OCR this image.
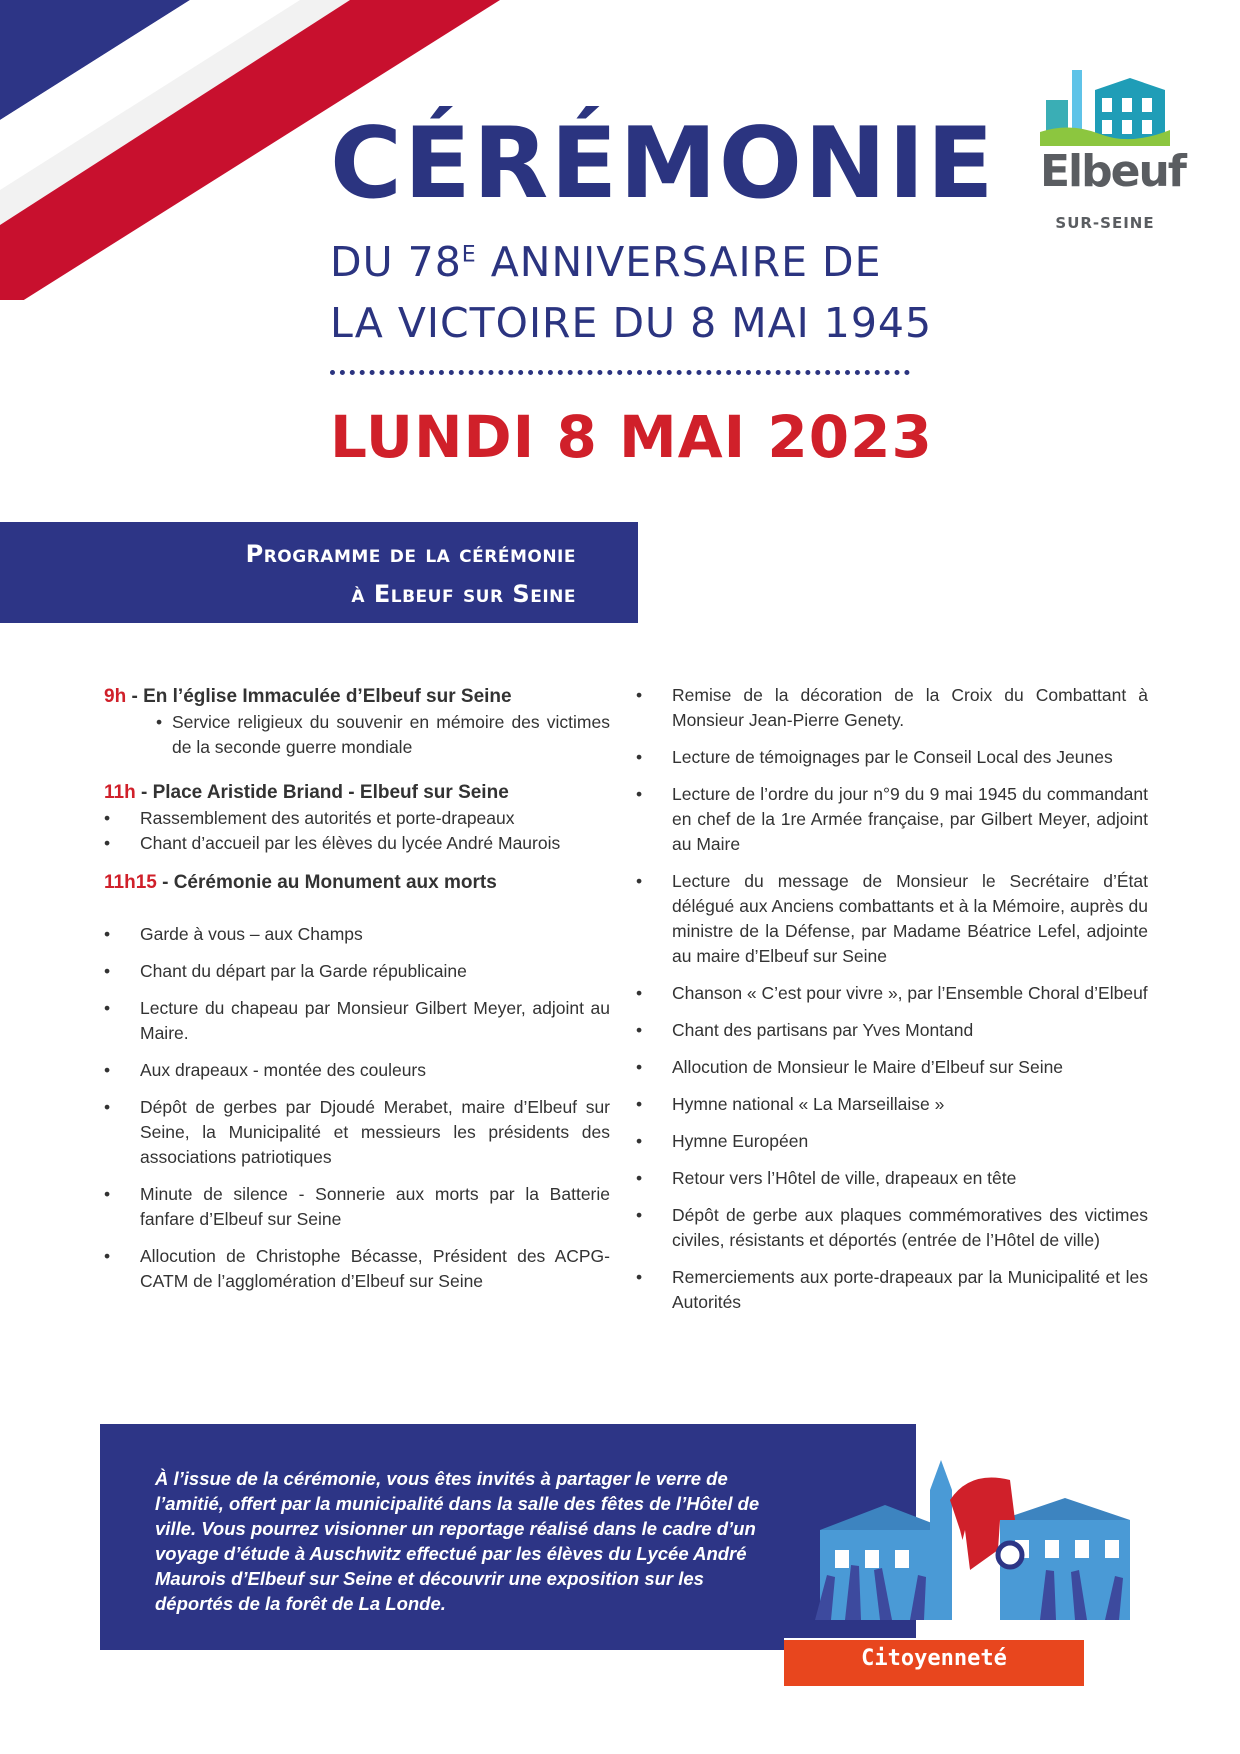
Elbeuf
SUR-SEINE
CÉRÉMONIE
DU $78^E$ ANNIVERSAIRE DE
LA VICTOIRE DU 8 MAI 1945
LUNDI 8 MAI 2023
Programme de la cérémonie
à Elbeuf sur Seine

9h - En l’église Immaculée d’Elbeuf sur Seine

• Service religieux du souvenir en mémoire des victimes de la seconde guerre mondiale

11h - Place Aristide Briand - Elbeuf sur Seine

• Rassemblement des autorités et porte-drapeaux
• Chant d’accueil par les élèves du lycée André Maurois

11h15 - Cérémonie au Monument aux morts

• Garde à vous – aux Champs
• Chant du départ par la Garde républicaine
• Lecture du chapeau par Monsieur Gilbert Meyer, adjoint au Maire.
• Aux drapeaux - montée des couleurs
• Dépôt de gerbes par Djoudé Merabet, maire d’Elbeuf sur Seine, la Municipalité et messieurs les présidents des associations patriotiques
• Minute de silence - Sonnerie aux morts par la Batterie fanfare d’Elbeuf sur Seine
• Allocution de Christophe Bécasse, Président des ACPG-CATM de l’agglomération d’Elbeuf sur Seine
• Remise de la décoration de la Croix du Combattant à Monsieur Jean-Pierre Genety.
• Lecture de témoignages par le Conseil Local des Jeunes
• Lecture de l’ordre du jour n°9 du 9 mai 1945 du commandant en chef de la 1re Armée française, par Gilbert Meyer, adjoint au Maire
• Lecture du message de Monsieur le Secrétaire d’État délégué aux Anciens combattants et à la Mémoire, auprès du ministre de la Défense, par Madame Béatrice Lefel, adjointe au maire d’Elbeuf sur Seine
• Chanson « C’est pour vivre », par l’Ensemble Choral d’Elbeuf
• Chant des partisans par Yves Montand
• Allocution de Monsieur le Maire d’Elbeuf sur Seine
• Hymne national « La Marseillaise »
• Hymne Européen
• Retour vers l’Hôtel de ville, drapeaux en tête
• Dépôt de gerbe aux plaques commémoratives des victimes civiles, résistants et déportés (entrée de l’Hôtel de ville)
• Remerciements aux porte-drapeaux par la Municipalité et les Autorités
À l’issue de la cérémonie, vous êtes invités à partager le verre de l’amitié, offert par la municipalité dans la salle des fêtes de l’Hôtel de ville. Vous pourrez visionner un reportage réalisé dans le cadre d’un voyage d’étude à Auschwitz effectué par les élèves du Lycée André Maurois d’Elbeuf sur Seine et découvrir une exposition sur les déportés de la forêt de La Londe.
Citoyenneté
